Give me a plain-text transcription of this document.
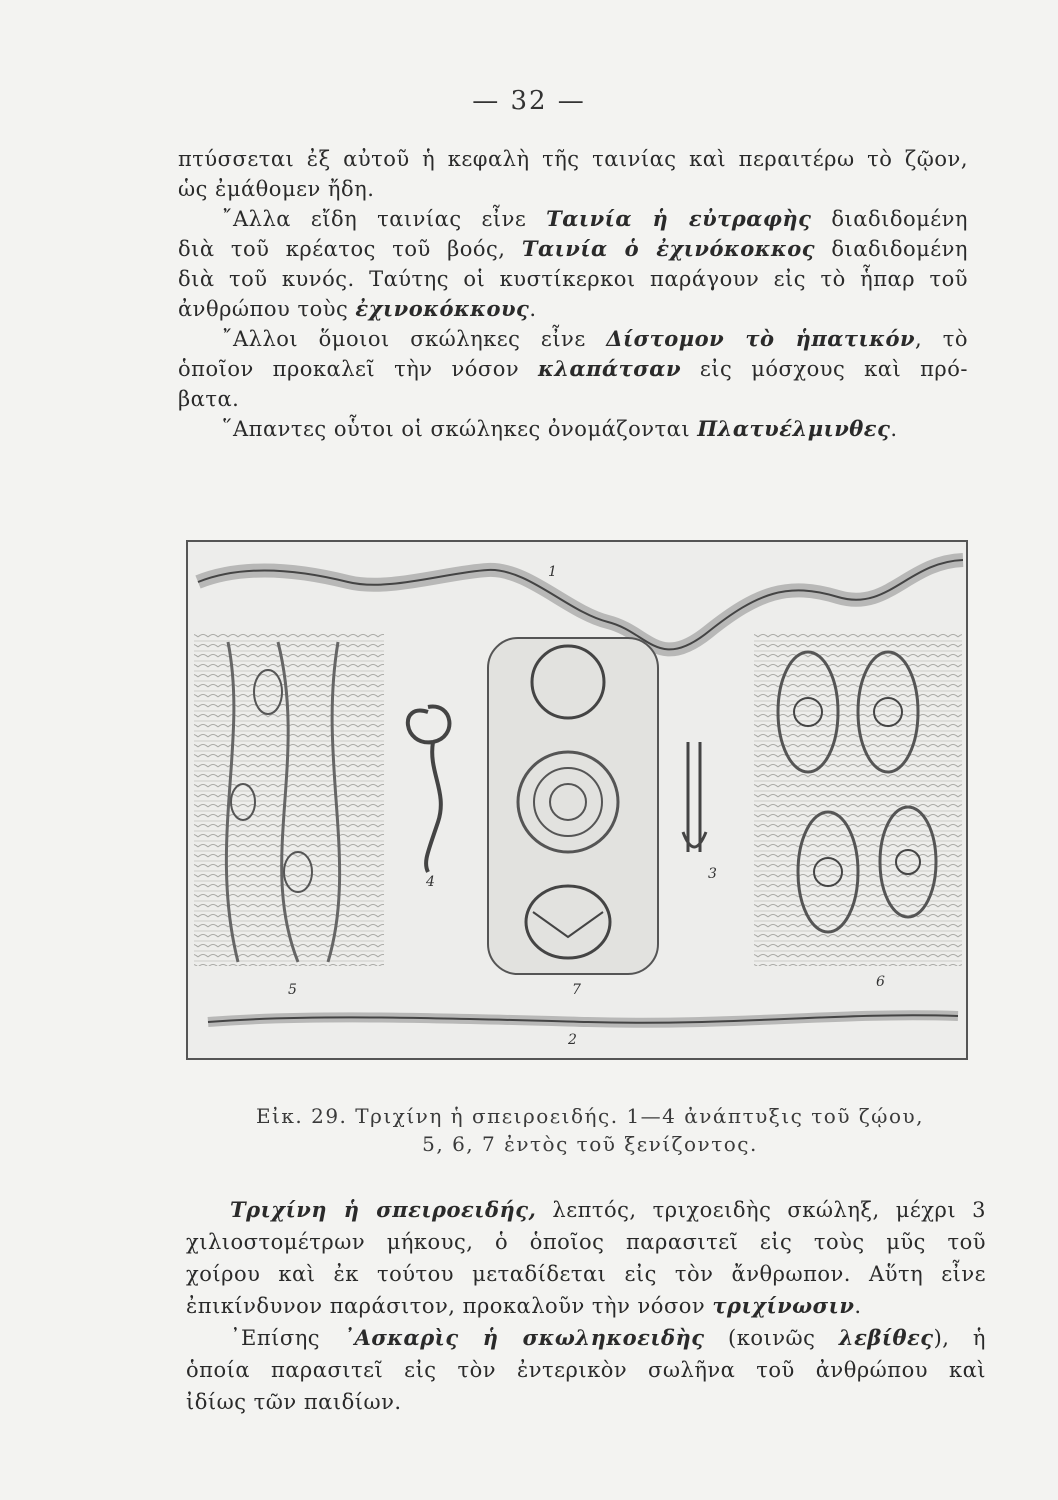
— 32 —
πτύσσεται ἐξ αὐτοῦ ἡ κεφαλὴ τῆς ταινίας καὶ περαιτέρω τὸ ζῷον,
ὡς ἐμάθομεν ἤδη.
῎Αλλα εἴδη ταινίας εἶνε Ταινία ἡ εὐτραφὴς διαδιδομένη
διὰ τοῦ κρέατος τοῦ βοός, Ταινία ὁ ἐχινόκοκκος διαδιδομένη
διὰ τοῦ κυνός. Ταύτης οἱ κυστίκερκοι παράγουν εἰς τὸ ἧπαρ τοῦ
ἀνθρώπου τοὺς ἐχινοκόκκους.
῎Αλλοι ὅμοιοι σκώληκες εἶνε Δίστομον τὸ ἡπατικόν, τὸ
ὁποῖον προκαλεῖ τὴν νόσον κλαπάτσαν εἰς μόσχους καὶ πρό-
βατα.
῞Απαντες οὗτοι οἱ σκώληκες ὀνομάζονται Πλατυέλμινθες.
1
2
3
4
5	6
7
Εἰκ. 29. Τριχίνη ἡ σπειροειδής. 1—4 ἀνάπτυξις τοῦ ζῴου,
5, 6, 7 ἐντὸς τοῦ ξενίζοντος.
Τριχίνη ἡ σπειροειδής, λεπτός, τριχοειδὴς σκώληξ, μέχρι 3
χιλιοστομέτρων μήκους, ὁ ὁποῖος παρασιτεῖ εἰς τοὺς μῦς τοῦ
χοίρου καὶ ἐκ τούτου μεταδίδεται εἰς τὸν ἄνθρωπον. Αὕτη εἶνε
ἐπικίνδυνον παράσιτον, προκαλοῦν τὴν νόσον τριχίνωσιν.
᾿Επίσης ᾿Ασκαρὶς ἡ σκωληκοειδὴς (κοινῶς λεβίθες), ἡ
ὁποία παρασιτεῖ εἰς τὸν ἐντερικὸν σωλῆνα τοῦ ἀνθρώπου καὶ
ἰδίως τῶν παιδίων.
